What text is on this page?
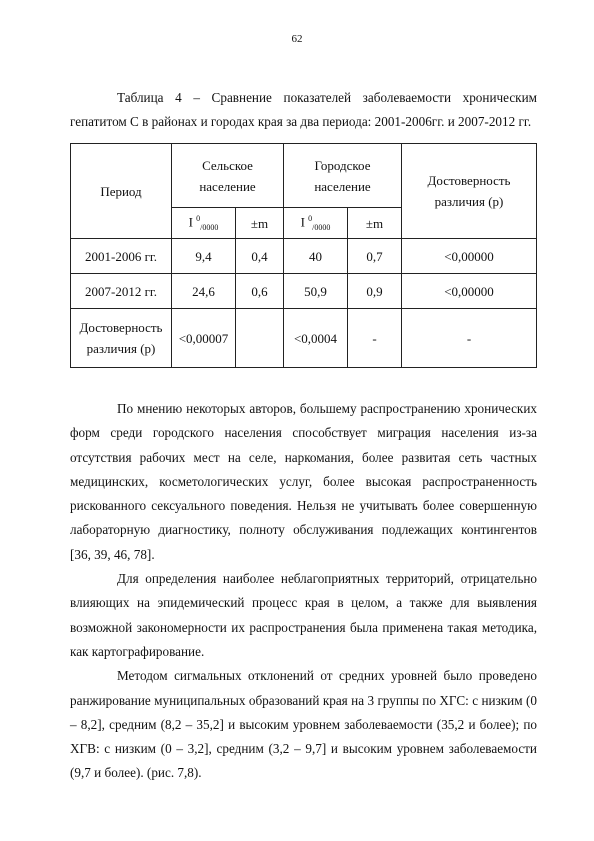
62
Таблица 4 – Сравнение показателей заболеваемости хроническим
гепатитом С в районах и городах края за два периода: 2001-2006гг. и 2007-2012 гг.
Период	Сельское население		Городское население		Достоверность различия (р)
	I $^0_{/0000}$	±m	I $^0_{/0000}$	±m	
2001-2006 гг.	9,4	0,4	40	0,7	<0,00000
2007-2012 гг.	24,6	0,6	50,9	0,9	<0,00000
Достоверность различия (р)	<0,00007		<0,0004	-	-

По мнению некоторых авторов, большему распространению хронических
форм среди городского населения способствует миграция населения из-за
отсутствия рабочих мест на селе, наркомания, более развитая сеть частных
медицинских, косметологических услуг, более высокая распространенность
рискованного сексуального поведения. Нельзя не учитывать более совершенную
лабораторную диагностику, полноту обслуживания подлежащих контингентов
[36, 39, 46, 78].

Для определения наиболее неблагоприятных территорий, отрицательно
влияющих на эпидемический процесс края в целом, а также для выявления
возможной закономерности их распространения была применена такая методика,
как картографирование.

Методом сигмальных отклонений от средних уровней было проведено
ранжирование муниципальных образований края на 3 группы по ХГС: с низким (0
– 8,2], средним (8,2 – 35,2] и высоким уровнем заболеваемости (35,2 и более); по
ХГВ: с низким (0 – 3,2], средним (3,2 – 9,7] и высоким уровнем заболеваемости
(9,7 и более). (рис. 7,8).
